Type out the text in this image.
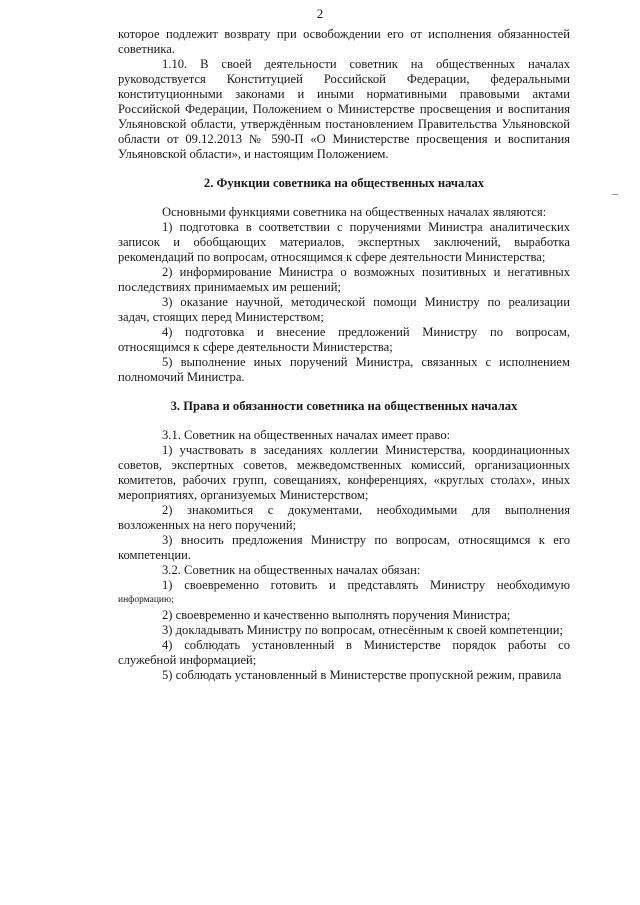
2

которое подлежит возврату при освобождении его от исполнения обязанностей советника.

1.10. В своей деятельности советник на общественных началах руководствуется Конституцией Российской Федерации, федеральными конституционными законами и иными нормативными правовыми актами Российской Федерации, Положением о Министерстве просвещения и воспитания Ульяновской области, утверждённым постановлением Правительства Ульяновской области от 09.12.2013 № 590-П «О Министерстве просвещения и воспитания Ульяновской области», и настоящим Положением.

2. Функции советника на общественных началах

Основными функциями советника на общественных началах являются:

1) подготовка в соответствии с поручениями Министра аналитических записок и обобщающих материалов, экспертных заключений, выработка рекомендаций по вопросам, относящимся к сфере деятельности Министерства;

2) информирование Министра о возможных позитивных и негативных последствиях принимаемых им решений;

3) оказание научной, методической помощи Министру по реализации задач, стоящих перед Министерством;

4) подготовка и внесение предложений Министру по вопросам, относящимся к сфере деятельности Министерства;

5) выполнение иных поручений Министра, связанных с исполнением полномочий Министра.

3. Права и обязанности советника на общественных началах

3.1. Советник на общественных началах имеет право:

1) участвовать в заседаниях коллегии Министерства, координационных советов, экспертных советов, межведомственных комиссий, организационных комитетов, рабочих групп, совещаниях, конференциях, «круглых столах», иных мероприятиях, организуемых Министерством;

2) знакомиться с документами, необходимыми для выполнения возложенных на него поручений;

3) вносить предложения Министру по вопросам, относящимся к его компетенции.

3.2. Советник на общественных началах обязан:

1) своевременно готовить и представлять Министру необходимую

информацию;

2) своевременно и качественно выполнять поручения Министра;

3) докладывать Министру по вопросам, отнесённым к своей компетенции;

4) соблюдать установленный в Министерстве порядок работы со служебной информацией;

5) соблюдать установленный в Министерстве пропускной режим, правила
